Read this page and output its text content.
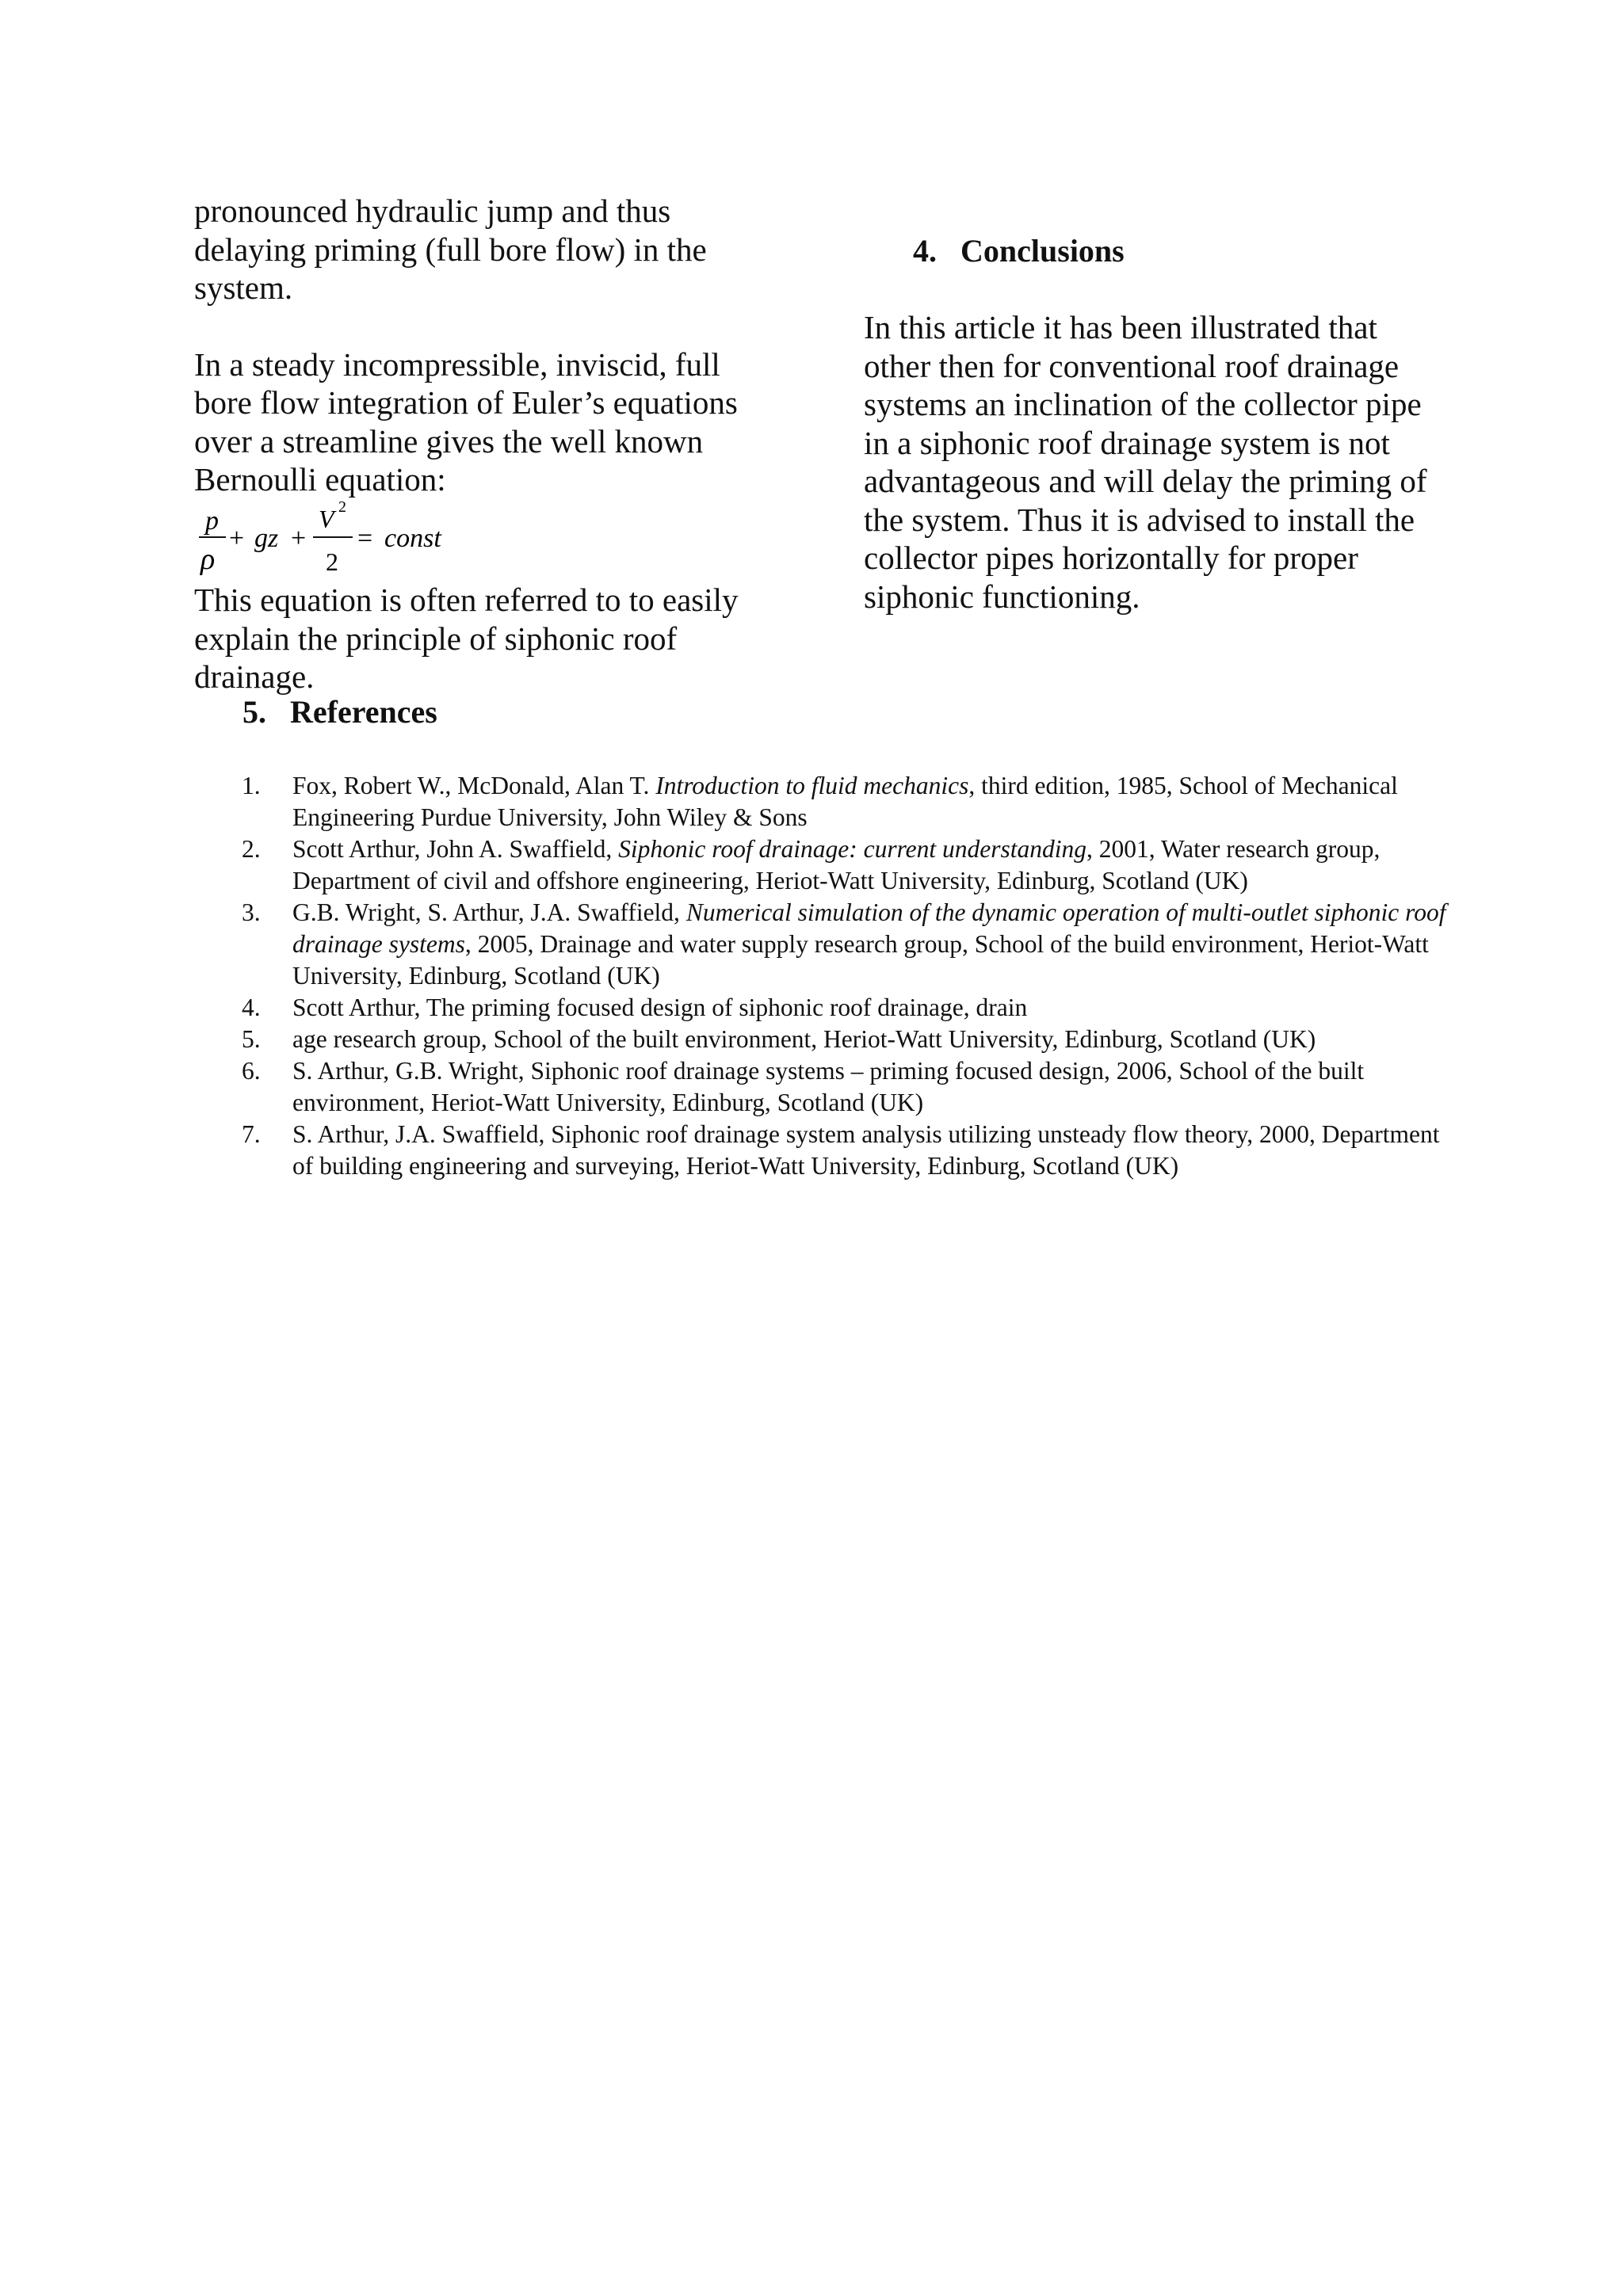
pronounced hydraulic jump and thus
delaying priming (full bore flow) in the
system.

In a steady incompressible, inviscid, full
bore flow integration of Euler’s equations
over a streamline gives the well known
Bernoulli equation:

p
ρ
+ gz +
V 2
2
= const

This equation is often referred to to easily
explain the principle of siphonic roof
drainage.

4.   Conclusions

In this article it has been illustrated that
other then for conventional roof drainage
systems an inclination of the collector pipe
in a siphonic roof drainage system is not
advantageous and will delay the priming of
the system. Thus it is advised to install the
collector pipes horizontally for proper
siphonic functioning.

5.   References
1. Fox, Robert W., McDonald, Alan T. Introduction to fluid mechanics, third edition, 1985, School of Mechanical Engineering Purdue University, John Wiley & Sons
2. Scott Arthur, John A. Swaffield, Siphonic roof drainage: current understanding, 2001, Water research group, Department of civil and offshore engineering, Heriot-Watt University, Edinburg, Scotland (UK)
3. G.B. Wright, S. Arthur, J.A. Swaffield, Numerical simulation of the dynamic operation of multi-outlet siphonic roof drainage systems, 2005, Drainage and water supply research group, School of the build environment, Heriot-Watt University, Edinburg, Scotland (UK)
4. Scott Arthur, The priming focused design of siphonic roof drainage, drain
5. age research group, School of the built environment, Heriot-Watt University, Edinburg, Scotland (UK)
6. S. Arthur, G.B. Wright, Siphonic roof drainage systems – priming focused design, 2006, School of the built environment, Heriot-Watt University, Edinburg, Scotland (UK)
7. S. Arthur, J.A. Swaffield, Siphonic roof drainage system analysis utilizing unsteady flow theory, 2000, Department of building engineering and surveying, Heriot-Watt University, Edinburg, Scotland (UK)
